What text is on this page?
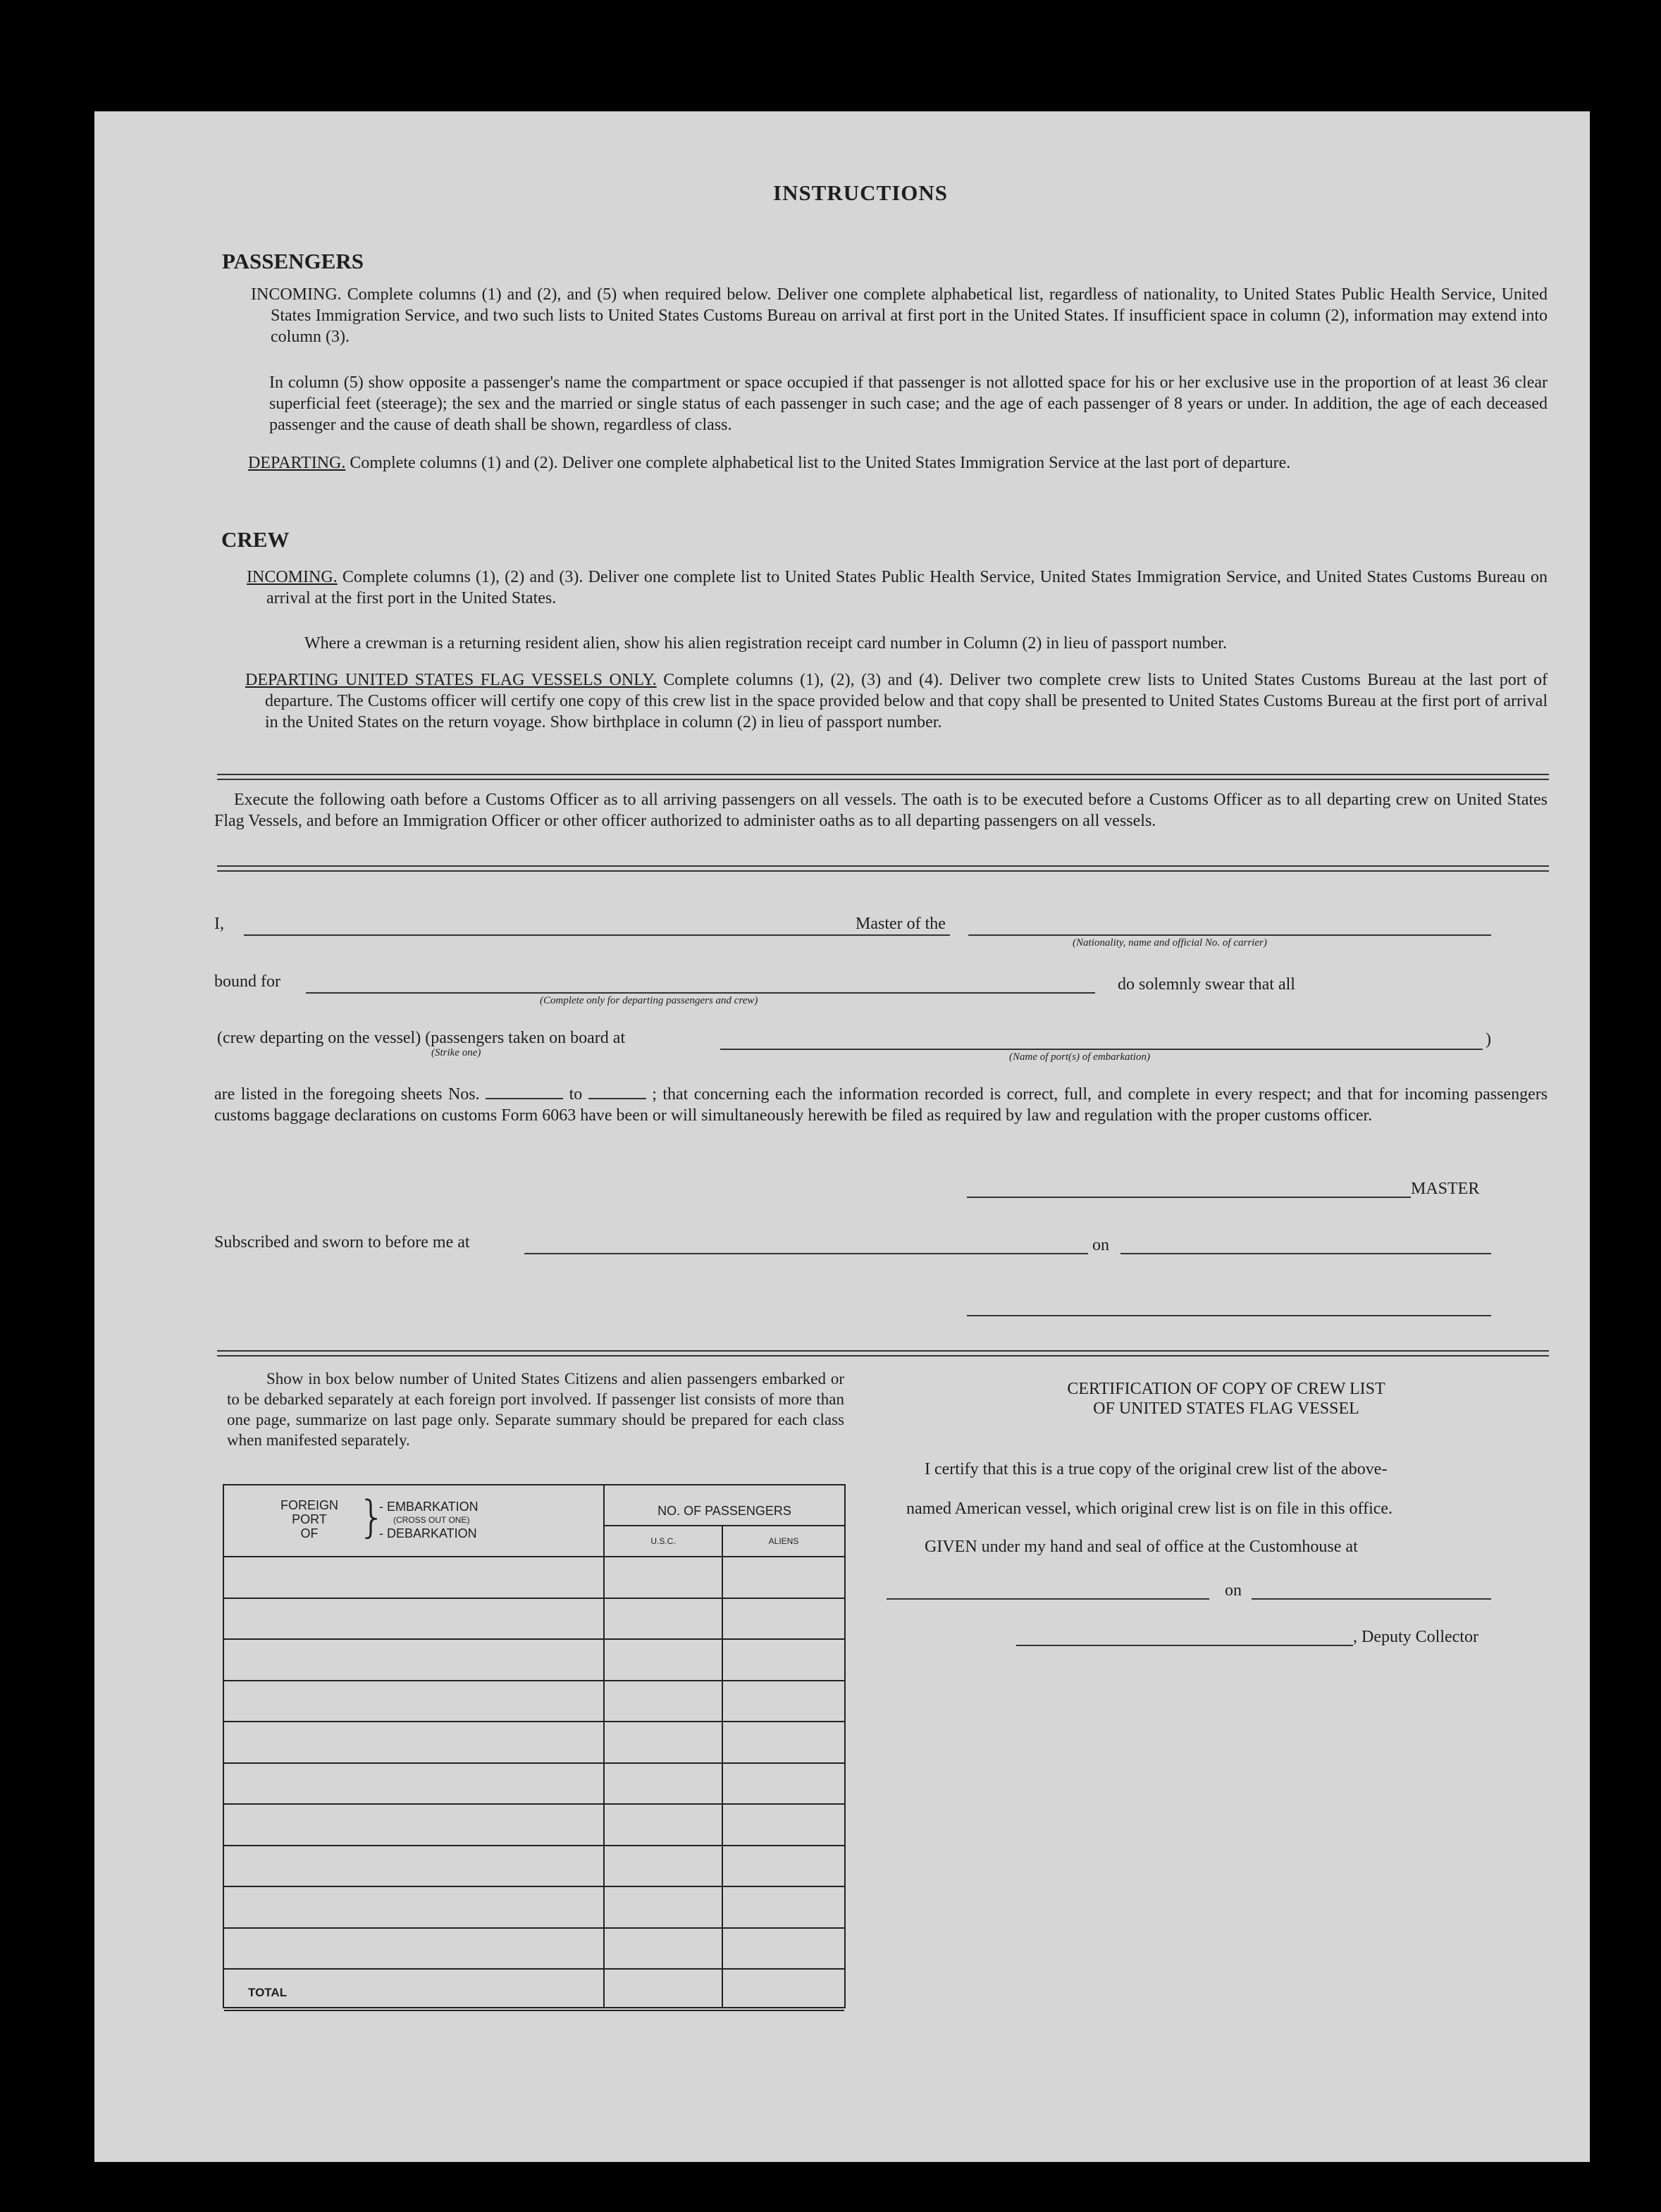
INSTRUCTIONS
PASSENGERS
INCOMING. Complete columns (1) and (2), and (5) when required below. Deliver one complete alphabetical list, regardless of nationality, to United States Public Health Service, United States Immigration Service, and two such lists to United States Customs Bureau on arrival at first port in the United States. If insufficient space in column (2), information may extend into column (3).
In column (5) show opposite a passenger's name the compartment or space occupied if that passenger is not allotted space for his or her exclusive use in the proportion of at least 36 clear superficial feet (steerage); the sex and the married or single status of each passenger in such case; and the age of each passenger of 8 years or under. In addition, the age of each deceased passenger and the cause of death shall be shown, regardless of class.
DEPARTING. Complete columns (1) and (2). Deliver one complete alphabetical list to the United States Immigration Service at the last port of departure.
CREW
INCOMING. Complete columns (1), (2) and (3). Deliver one complete list to United States Public Health Service, United States Immigration Service, and United States Customs Bureau on arrival at the first port in the United States.
Where a crewman is a returning resident alien, show his alien registration receipt card number in Column (2) in lieu of passport number.
DEPARTING UNITED STATES FLAG VESSELS ONLY. Complete columns (1), (2), (3) and (4). Deliver two complete crew lists to United States Customs Bureau at the last port of departure. The Customs officer will certify one copy of this crew list in the space provided below and that copy shall be presented to United States Customs Bureau at the first port of arrival in the United States on the return voyage. Show birthplace in column (2) in lieu of passport number.
Execute the following oath before a Customs Officer as to all arriving passengers on all vessels. The oath is to be executed before a Customs Officer as to all departing crew on United States Flag Vessels, and before an Immigration Officer or other officer authorized to administer oaths as to all departing passengers on all vessels.
I,	Master of the
(Nationality, name and official No. of carrier)
bound for
(Complete only for departing passengers and crew)
do solemnly swear that all
(crew departing on the vessel) (passengers taken on board at
(Strike one)	(Name of port(s) of embarkation)
)
are listed in the foregoing sheets Nos.	to	; that concerning each the information recorded is correct, full, and complete in every respect; and that for incoming passengers customs baggage declarations on customs Form 6063 have been or will simultaneously herewith be filed as required by law and regulation with the proper customs officer.
MASTER
Subscribed and sworn to before me at	on
Show in box below number of United States Citizens and alien passengers embarked or to be debarked separately at each foreign port involved. If passenger list consists of more than one page, summarize on last page only. Separate summary should be prepared for each class when manifested separately.
FOREIGN
PORT
OF }
- EMBARKATION
(CROSS OUT ONE)
- DEBARKATION
NO. OF PASSENGERS
U.S.C.	ALIENS
TOTAL
CERTIFICATION OF COPY OF CREW LIST
OF UNITED STATES FLAG VESSEL
I certify that this is a true copy of the original crew list of the above-
named American vessel, which original crew list is on file in this office.
GIVEN under my hand and seal of office at the Customhouse at
on
, Deputy Collector
